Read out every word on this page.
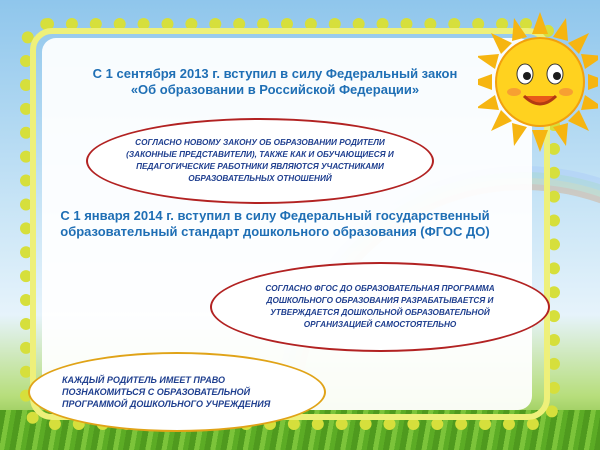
С 1 сентября 2013 г. вступил в силу Федеральный закон
«Об образовании в Российской Федерации»
СОГЛАСНО НОВОМУ ЗАКОНУ ОБ ОБРАЗОВАНИИ РОДИТЕЛИ (ЗАКОННЫЕ ПРЕДСТАВИТЕЛИ), ТАКЖЕ КАК И ОБУЧАЮЩИЕСЯ И ПЕДАГОГИЧЕСКИЕ РАБОТНИКИ ЯВЛЯЮТСЯ УЧАСТНИКАМИ ОБРАЗОВАТЕЛЬНЫХ ОТНОШЕНИЙ
С 1 января 2014 г. вступил в силу Федеральный государственный образовательный стандарт дошкольного образования (ФГОС ДО)
СОГЛАСНО ФГОС ДО ОБРАЗОВАТЕЛЬНАЯ ПРОГРАММА ДОШКОЛЬНОГО ОБРАЗОВАНИЯ РАЗРАБАТЫВАЕТСЯ И УТВЕРЖДАЕТСЯ ДОШКОЛЬНОЙ ОБРАЗОВАТЕЛЬНОЙ ОРГАНИЗАЦИЕЙ САМОСТОЯТЕЛЬНО
КАЖДЫЙ РОДИТЕЛЬ ИМЕЕТ ПРАВО ПОЗНАКОМИТЬСЯ С ОБРАЗОВАТЕЛЬНОЙ ПРОГРАММОЙ ДОШКОЛЬНОГО УЧРЕЖДЕНИЯ
